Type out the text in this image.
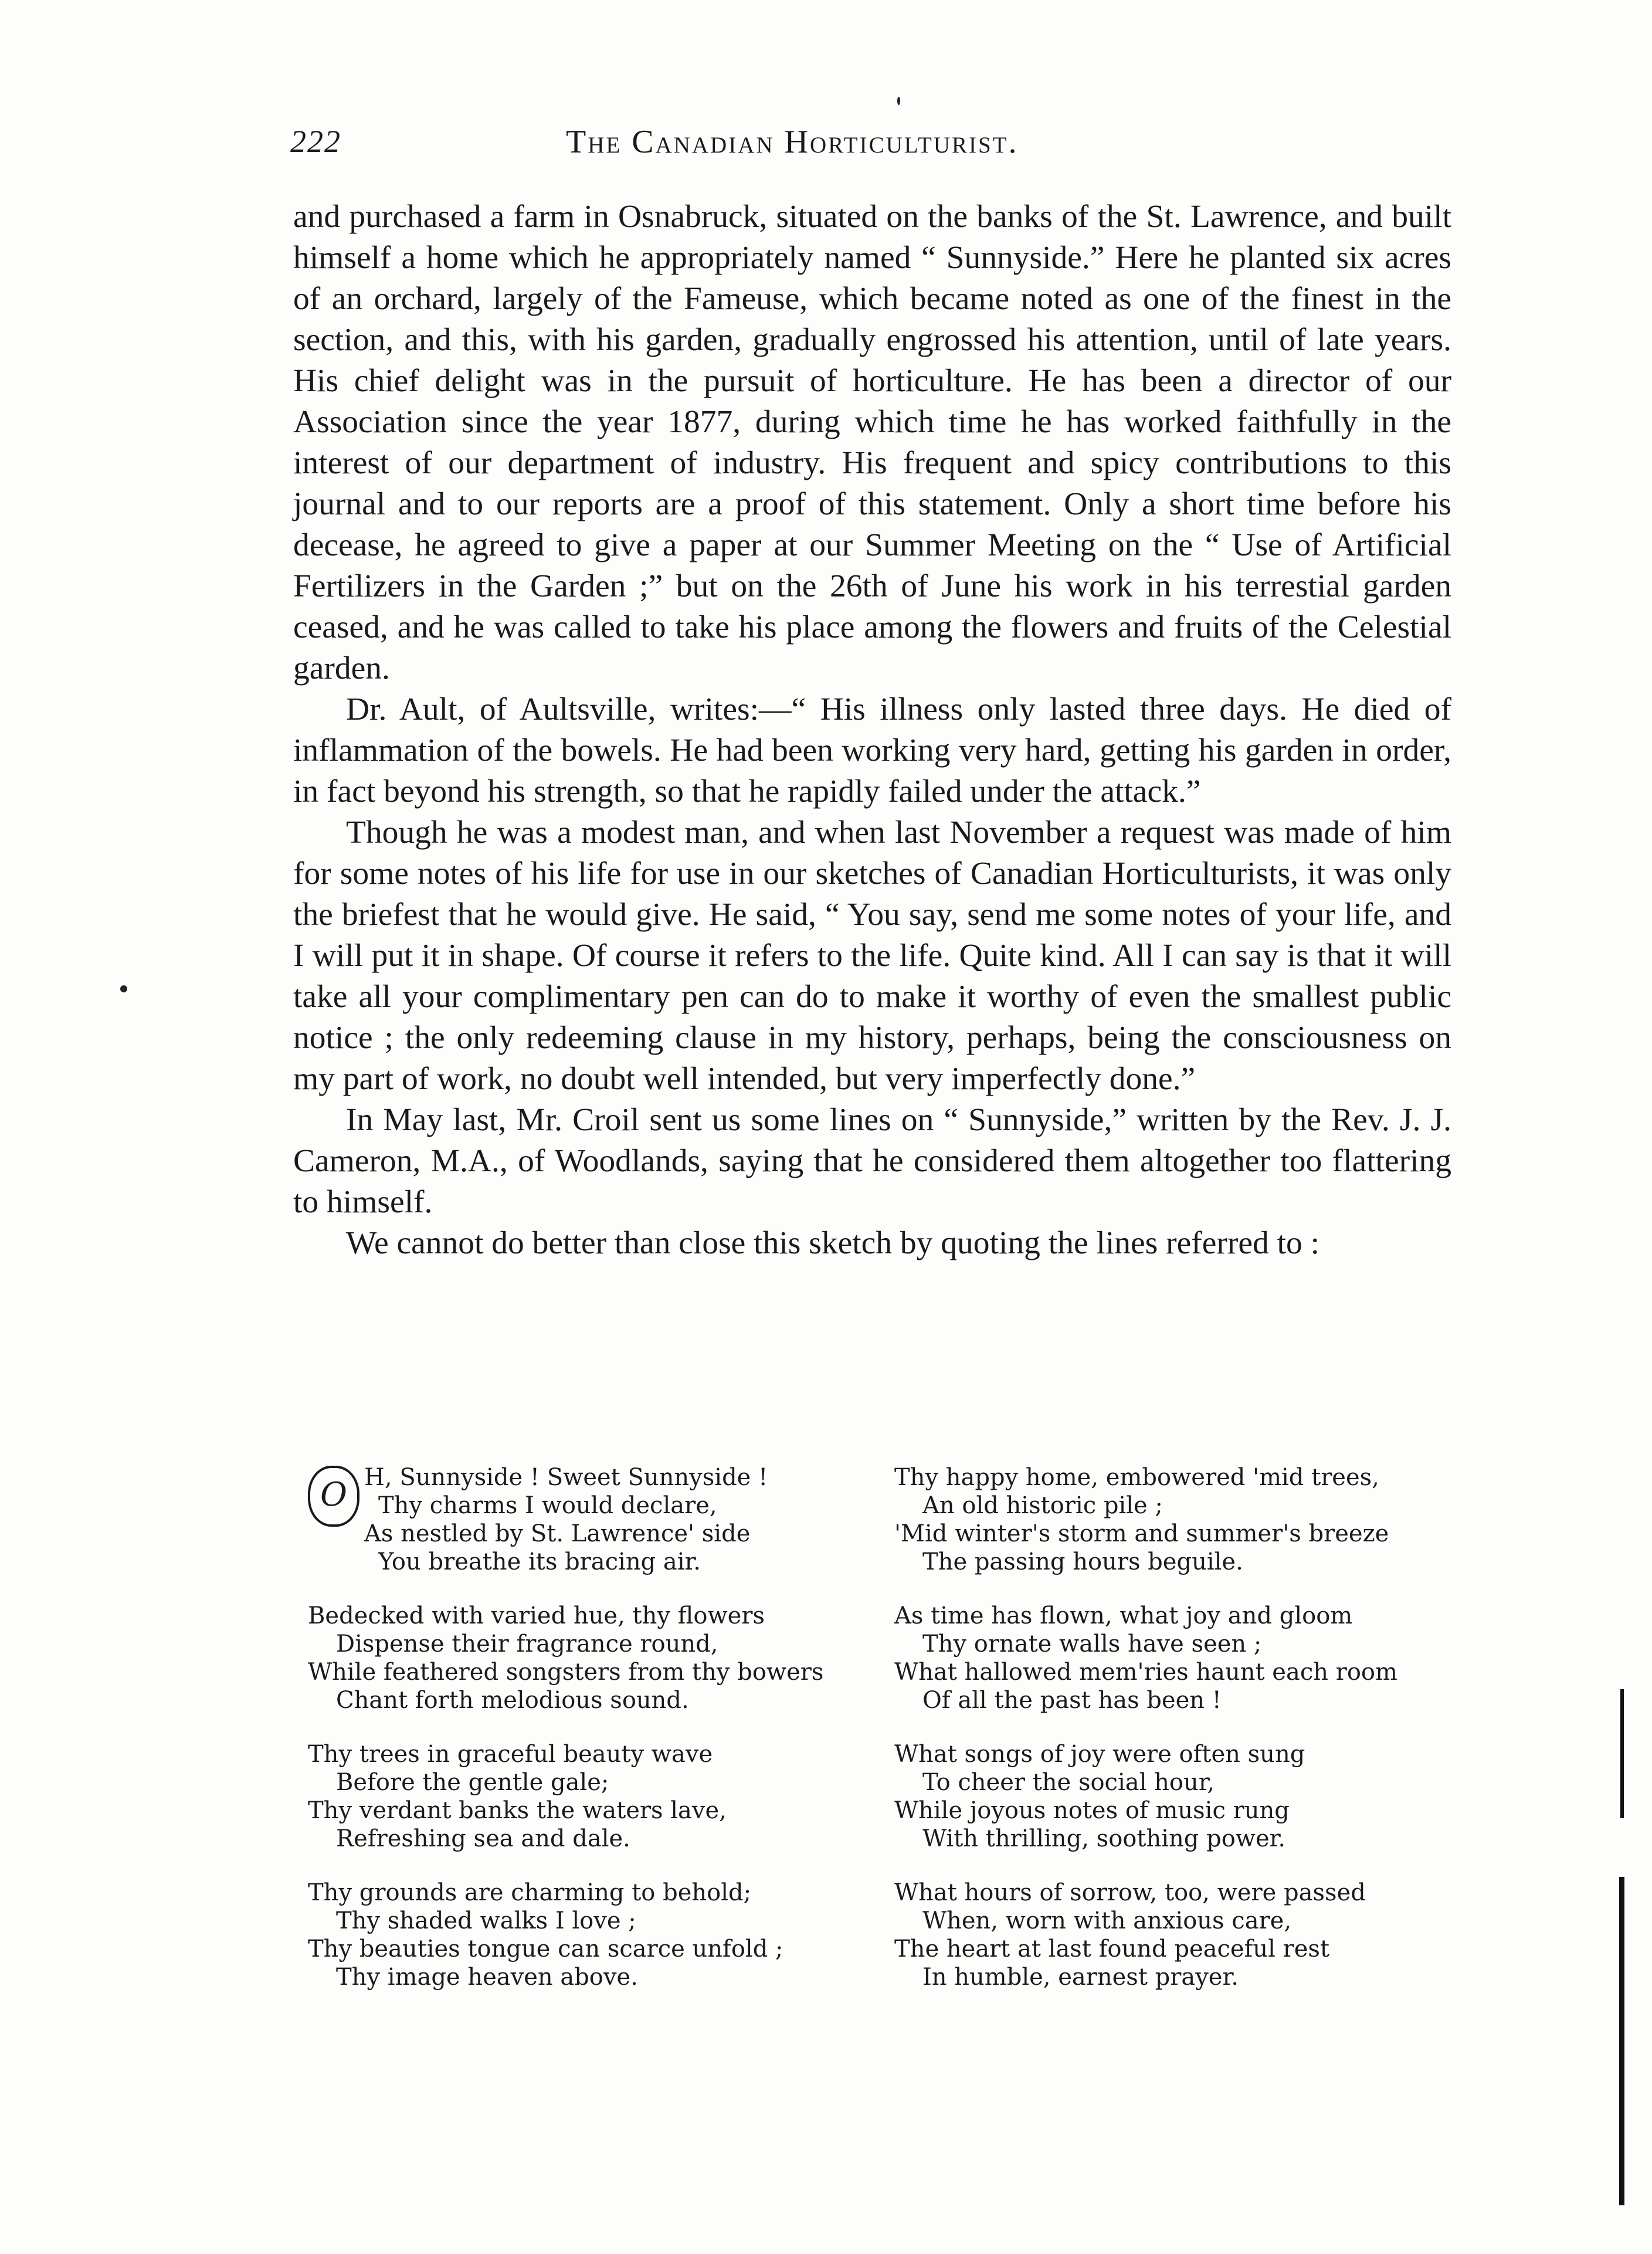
222	The Canadian Horticulturist.

and purchased a farm in Osnabruck, situated on the banks of the St. Lawrence, and built himself a home which he appropriately named “ Sunnyside.” Here he planted six acres of an orchard, largely of the Fameuse, which became noted as one of the finest in the section, and this, with his garden, gradually engrossed his attention, until of late years. His chief delight was in the pursuit of horticulture. He has been a director of our Association since the year 1877, during which time he has worked faithfully in the interest of our department of industry. His frequent and spicy contributions to this journal and to our reports are a proof of this statement. Only a short time before his decease, he agreed to give a paper at our Summer Meeting on the “ Use of Artificial Fertilizers in the Garden ;” but on the 26th of June his work in his terrestial garden ceased, and he was called to take his place among the flowers and fruits of the Celestial garden.

Dr. Ault, of Aultsville, writes:—“ His illness only lasted three days. He died of inflammation of the bowels. He had been working very hard, getting his garden in order, in fact beyond his strength, so that he rapidly failed under the attack.”

Though he was a modest man, and when last November a request was made of him for some notes of his life for use in our sketches of Canadian Horticulturists, it was only the briefest that he would give. He said, “ You say, send me some notes of your life, and I will put it in shape. Of course it refers to the life. Quite kind. All I can say is that it will take all your complimentary pen can do to make it worthy of even the smallest public notice ; the only redeeming clause in my history, perhaps, being the consciousness on my part of work, no doubt well intended, but very imperfectly done.”

In May last, Mr. Croil sent us some lines on “ Sunnyside,” written by the Rev. J. J. Cameron, M.A., of Woodlands, saying that he considered them altogether too flattering to himself.

We cannot do better than close this sketch by quoting the lines referred to :

O H, Sunnyside ! Sweet Sunnyside !
Thy charms I would declare,
As nestled by St. Lawrence' side
You breathe its bracing air.
Bedecked with varied hue, thy flowers
Dispense their fragrance round,
While feathered songsters from thy bowers
Chant forth melodious sound.
Thy trees in graceful beauty wave
Before the gentle gale;
Thy verdant banks the waters lave,
Refreshing sea and dale.
Thy grounds are charming to behold;
Thy shaded walks I love ;
Thy beauties tongue can scarce unfold ;
Thy image heaven above.
Thy happy home, embowered 'mid trees,
An old historic pile ;
'Mid winter's storm and summer's breeze
The passing hours beguile.
As time has flown, what joy and gloom
Thy ornate walls have seen ;
What hallowed mem'ries haunt each room
Of all the past has been !
What songs of joy were often sung
To cheer the social hour,
While joyous notes of music rung
With thrilling, soothing power.
What hours of sorrow, too, were passed
When, worn with anxious care,
The heart at last found peaceful rest
In humble, earnest prayer.
